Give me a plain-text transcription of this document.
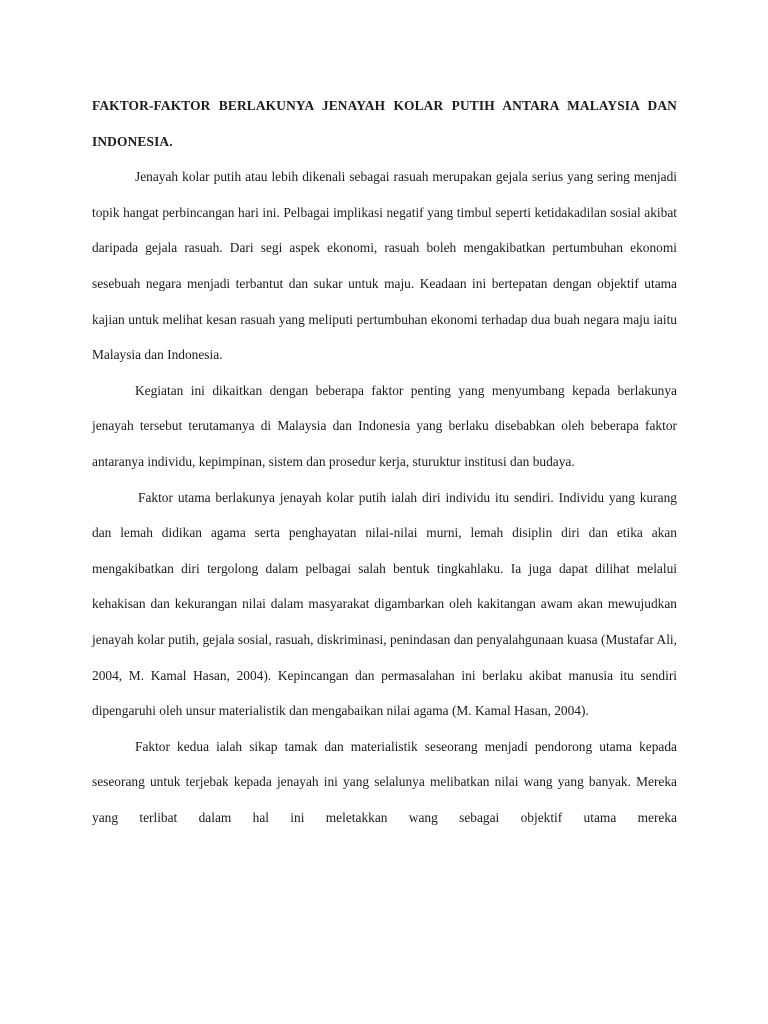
FAKTOR-FAKTOR BERLAKUNYA JENAYAH KOLAR PUTIH ANTARA MALAYSIA DAN INDONESIA.

Jenayah kolar putih atau lebih dikenali sebagai rasuah merupakan gejala serius yang sering menjadi topik hangat perbincangan hari ini. Pelbagai implikasi negatif yang timbul seperti ketidakadilan sosial akibat daripada gejala rasuah. Dari segi aspek ekonomi, rasuah boleh mengakibatkan pertumbuhan ekonomi sesebuah negara menjadi terbantut dan sukar untuk maju. Keadaan ini bertepatan dengan objektif utama kajian untuk melihat kesan rasuah yang meliputi pertumbuhan ekonomi terhadap dua buah negara maju iaitu Malaysia dan Indonesia.

Kegiatan ini dikaitkan dengan beberapa faktor penting yang menyumbang kepada berlakunya jenayah tersebut terutamanya di Malaysia dan Indonesia yang berlaku disebabkan oleh beberapa faktor antaranya individu, kepimpinan, sistem dan prosedur kerja, sturuktur institusi dan budaya.

Faktor utama berlakunya jenayah kolar putih ialah diri individu itu sendiri. Individu yang kurang dan lemah didikan agama serta penghayatan nilai-nilai murni, lemah disiplin diri dan etika akan mengakibatkan diri tergolong dalam pelbagai salah bentuk tingkahlaku. Ia juga dapat dilihat melalui kehakisan dan kekurangan nilai dalam masyarakat digambarkan oleh kakitangan awam akan mewujudkan jenayah kolar putih, gejala sosial, rasuah, diskriminasi, penindasan dan penyalahgunaan kuasa (Mustafar Ali, 2004, M. Kamal Hasan, 2004). Kepincangan dan permasalahan ini berlaku akibat manusia itu sendiri dipengaruhi oleh unsur materialistik dan mengabaikan nilai agama (M. Kamal Hasan, 2004).

Faktor kedua ialah sikap tamak dan materialistik seseorang menjadi pendorong utama kepada seseorang untuk terjebak kepada jenayah ini yang selalunya melibatkan nilai wang yang banyak. Mereka yang terlibat dalam hal ini meletakkan wang sebagai objektif utama mereka
